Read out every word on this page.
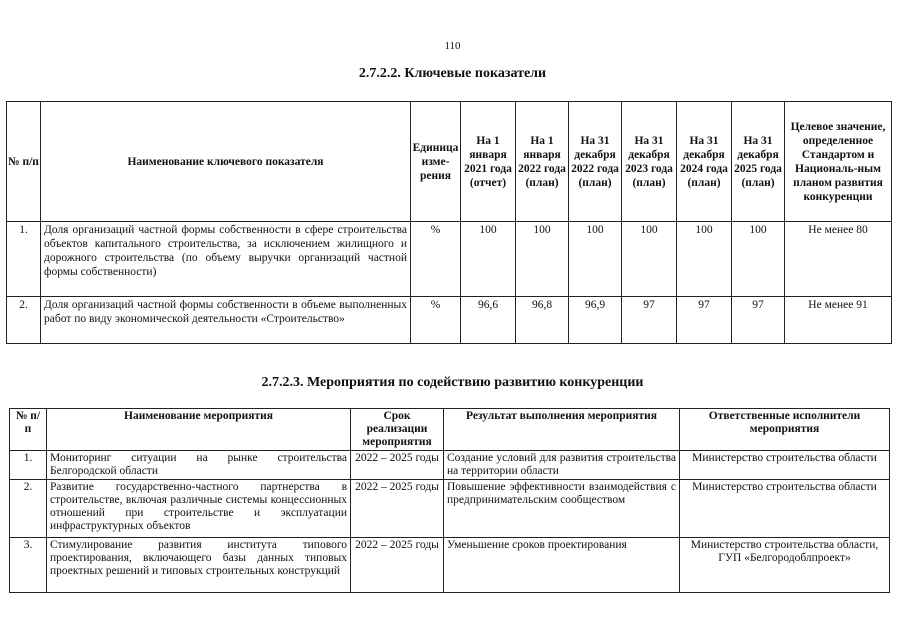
110
2.7.2.2. Ключевые показатели
№ п/п	Наименование ключевого показателя	Единица изме-рения	На 1 января 2021 года (отчет)	На 1 января 2022 года (план)	На 31 декабря 2022 года (план)	На 31 декабря 2023 года (план)	На 31 декабря 2024 года (план)	На 31 декабря 2025 года (план)	Целевое значение, определенное Стандартом и Националь-ным планом развития конкуренции
1.	Доля организаций частной формы собственности в сфере строительства объектов капитального строительства, за исключением жилищного и дорожного строительства (по объему выручки организаций частной формы собственности)	%	100	100	100	100	100	100	Не менее 80
2.	Доля организаций частной формы собственности в объеме выполненных работ по виду экономической деятельности «Строительство»	%	96,6	96,8	96,9	97	97	97	Не менее 91
2.7.2.3. Мероприятия по содействию развитию конкуренции
№ п/п	Наименование мероприятия	Срок реализации мероприятия	Результат выполнения мероприятия	Ответственные исполнители мероприятия
1.	Мониторинг ситуации на рынке строительства Белгородской области	2022 – 2025 годы	Создание условий для развития строительства на территории области	Министерство строительства области
2.	Развитие государственно-частного партнерства в строительстве, включая различные системы концессионных отношений при строительстве и эксплуатации инфраструктурных объектов	2022 – 2025 годы	Повышение эффективности взаимодействия с предпринимательским сообществом	Министерство строительства области
3.	Стимулирование развития института типового проектирования, включающего базы данных типовых проектных решений и типовых строительных конструкций	2022 – 2025 годы	Уменьшение сроков проектирования	Министерство строительства области, ГУП «Белгородоблпроект»
